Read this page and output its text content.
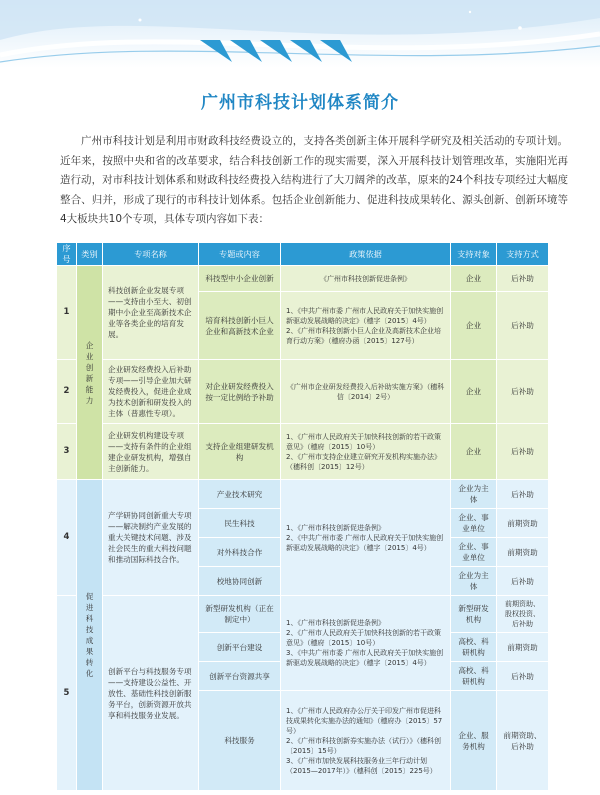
广州市科技计划体系简介

广州市科技计划是利用市财政科技经费设立的，支持各类创新主体开展科学研究及相关活动的专项计划。近年来，按照中央和省的改革要求，结合科技创新工作的现实需要，深入开展科技计划管理改革，实施阳光再造行动，对市科技计划体系和财政科技经费投入结构进行了大刀阔斧的改革，原来的24个科技专项经过大幅度整合、归并，形成了现行的市科技计划体系。包括企业创新能力、促进科技成果转化、源头创新、创新环境等4大板块共10个专项，具体专项内容如下表：

序号	类别	专项名称	专题或内容	政策依据	支持对象	支持方式
1	企业创新能力	科技创新企业发展专项——支持由小至大、初创期中小企业至高新技术企业等各类企业的培育发展。	科技型中小企业创新	《广州市科技创新促进条例》	企业	后补助
			培育科技创新小巨人企业和高新技术企业	1、《中共广州市委 广州市人民政府关于加快实施创新驱动发展战略的决定》（穗字〔2015〕4号）
2、《广州市科技创新小巨人企业及高新技术企业培育行动方案》（穗府办函〔2015〕127号）	企业	后补助
2		企业研发经费投入后补助专项——引导企业加大研发经费投入，促进企业成为技术创新和研发投入的主体（普惠性专项）。	对企业研发经费投入按一定比例给予补助	《广州市企业研发经费投入后补助实施方案》（穗科信〔2014〕2号）	企业	后补助
3		企业研发机构建设专项——支持有条件的企业组建企业研发机构，增强自主创新能力。	支持企业组建研发机构	1、《广州市人民政府关于加快科技创新的若干政策意见》（穗府〔2015〕10号）
2、《广州市支持企业建立研究开发机构实施办法》（穗科创〔2015〕12号）	企业	后补助
4	促进科技成果转化	产学研协同创新重大专项——解决制约产业发展的重大关键技术问题、涉及社会民生的重大科技问题和推动国际科技合作。	产业技术研究	1、《广州市科技创新促进条例》
2、《中共广州市委 广州市人民政府关于加快实施创新驱动发展战略的决定》（穗字〔2015〕4号）	企业为主体	后补助
			民生科技		企业、事业单位	前期资助
			对外科技合作		企业、事业单位	前期资助
			校地协同创新		企业为主体	后补助
5		创新平台与科技服务专项——支持建设公益性、开放性、基础性科技创新服务平台，创新资源开放共享和科技服务业发展。	新型研发机构（正在制定中）	1、《广州市科技创新促进条例》
2、《广州市人民政府关于加快科技创新的若干政策意见》（穗府〔2015〕10号）
3、《中共广州市委 广州市人民政府关于加快实施创新驱动发展战略的决定》（穗字〔2015〕4号）	新型研发机构	前期资助、股权投资、后补助
			创新平台建设		高校、科研机构	前期资助
			创新平台资源共享		高校、科研机构	后补助
			科技服务	1、《广州市人民政府办公厅关于印发广州市促进科技成果转化实施办法的通知》（穗府办〔2015〕57号）
2、《广州市科技创新券实施办法（试行）》（穗科创〔2015〕15号）
3、《广州市加快发展科技服务业三年行动计划（2015—2017年）》（穗科创〔2015〕225号）	企业、服务机构	前期资助、后补助
